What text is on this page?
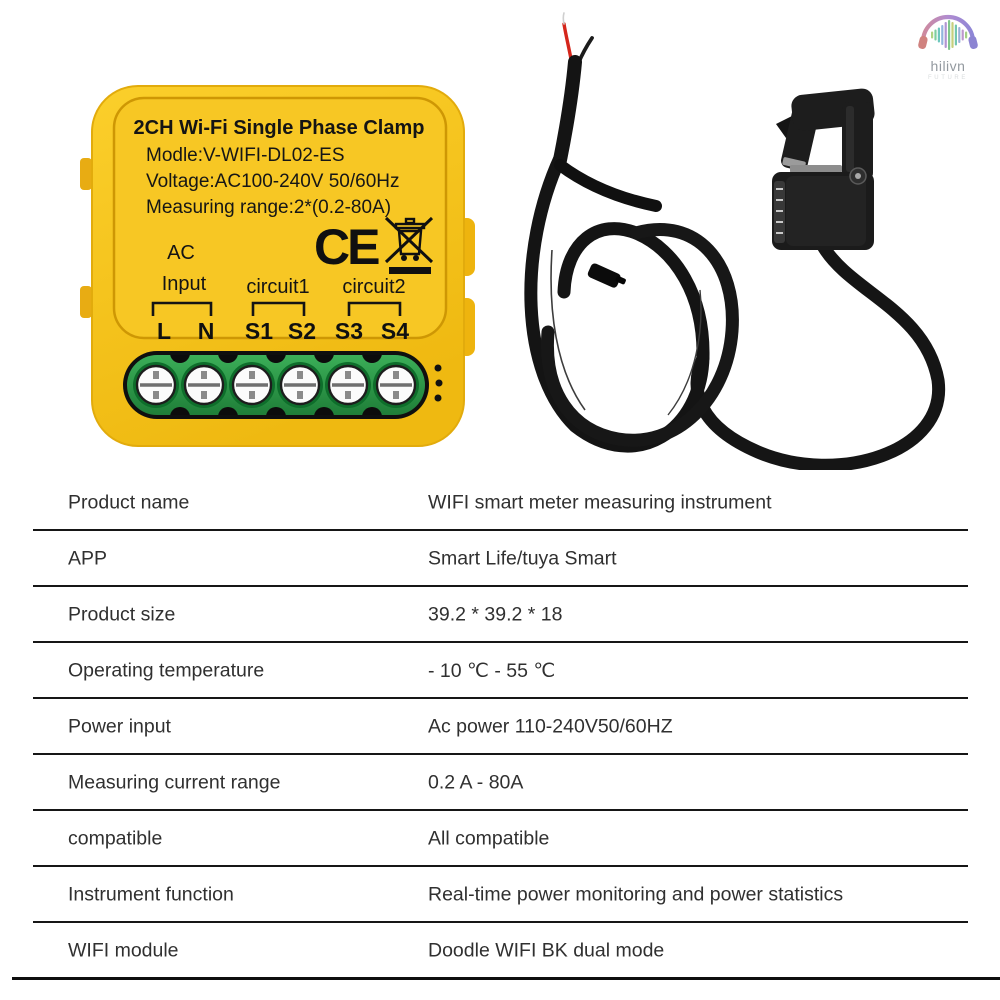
2CH Wi-Fi Single Phase Clamp
Modle:V-WIFI-DL02-ES
Voltage:AC100-240V 50/60Hz
Measuring range:2*(0.2-80A)
CE
AC
Input circuit1 circuit2
L N S1 S2 S3 S4
hilivn
FUTURE
Product name	WIFI smart meter measuring instrument
APP	Smart Life/tuya Smart
Product size	39.2 * 39.2 * 18
Operating temperature	- 10 ℃ - 55 ℃
Power input	Ac power 110-240V50/60HZ
Measuring current range	0.2 A - 80A
compatible	All compatible
Instrument function	Real-time power monitoring and power statistics
WIFI module	Doodle WIFI BK dual mode
